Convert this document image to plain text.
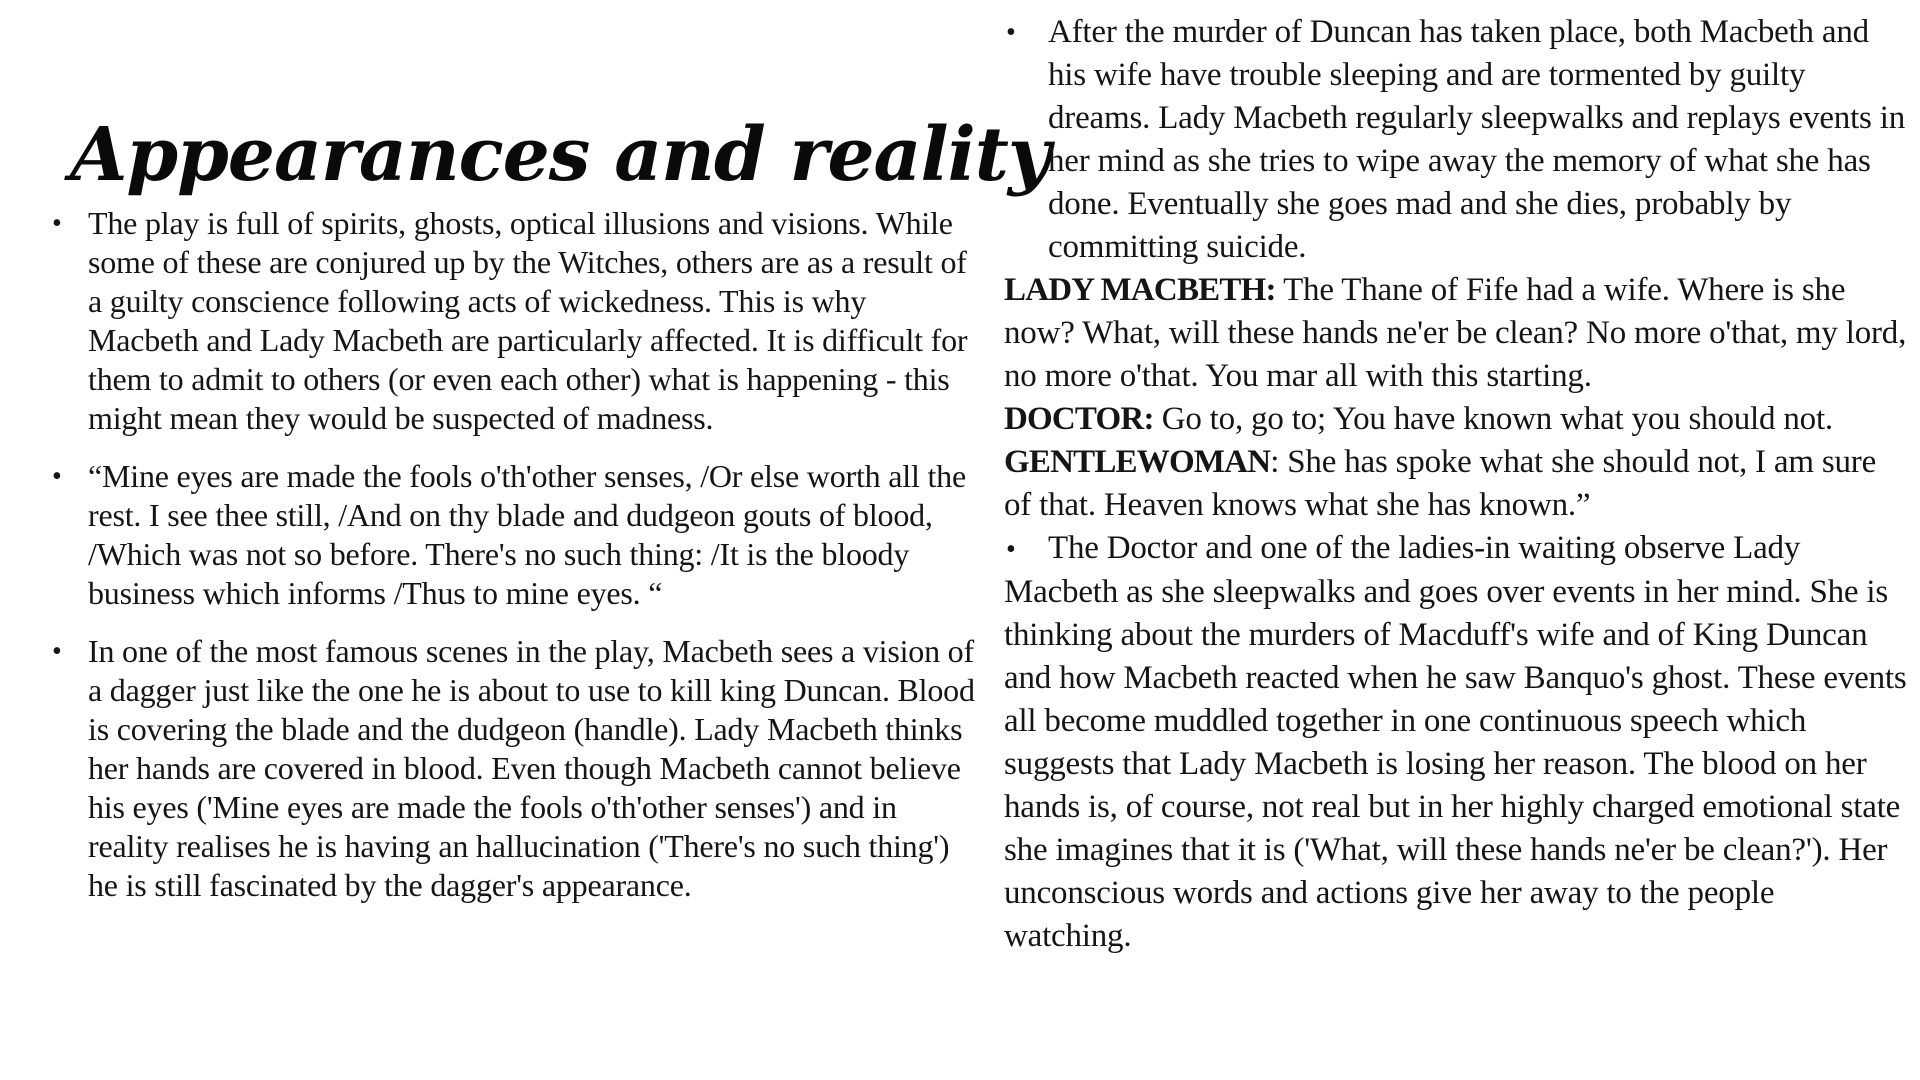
Appearances and reality
• The play is full of spirits, ghosts, optical illusions and visions. While some of these are conjured up by the Witches, others are as a result of a guilty conscience following acts of wickedness. This is why Macbeth and Lady Macbeth are particularly affected. It is difficult for them to admit to others (or even each other) what is happening - this might mean they would be suspected of madness.
• “Mine eyes are made the fools o'th'other senses, /Or else worth all the rest. I see thee still, /And on thy blade and dudgeon gouts of blood, /Which was not so before. There's no such thing: /It is the bloody business which informs /Thus to mine eyes. “
• In one of the most famous scenes in the play, Macbeth sees a vision of a dagger just like the one he is about to use to kill king Duncan. Blood is covering the blade and the dudgeon (handle). Lady Macbeth thinks her hands are covered in blood. Even though Macbeth cannot believe his eyes ('Mine eyes are made the fools o'th'other senses') and in reality realises he is having an hallucination ('There's no such thing') he is still fascinated by the dagger's appearance.
• After the murder of Duncan has taken place, both Macbeth and his wife have trouble sleeping and are tormented by guilty dreams. Lady Macbeth regularly sleepwalks and replays events in her mind as she tries to wipe away the memory of what she has done. Eventually she goes mad and she dies, probably by committing suicide.

LADY MACBETH: The Thane of Fife had a wife. Where is she now? What, will these hands ne'er be clean? No more o'that, my lord, no more o'that. You mar all with this starting.

DOCTOR: Go to, go to; You have known what you should not.

GENTLEWOMAN: She has spoke what she should not, I am sure of that. Heaven knows what she has known.”

• The Doctor and one of the ladies-in waiting observe Lady Macbeth as she sleepwalks and goes over events in her mind. She is thinking about the murders of Macduff's wife and of King Duncan and how Macbeth reacted when he saw Banquo's ghost. These events all become muddled together in one continuous speech which suggests that Lady Macbeth is losing her reason. The blood on her hands is, of course, not real but in her highly charged emotional state she imagines that it is ('What, will these hands ne'er be clean?'). Her unconscious words and actions give her away to the people watching.
